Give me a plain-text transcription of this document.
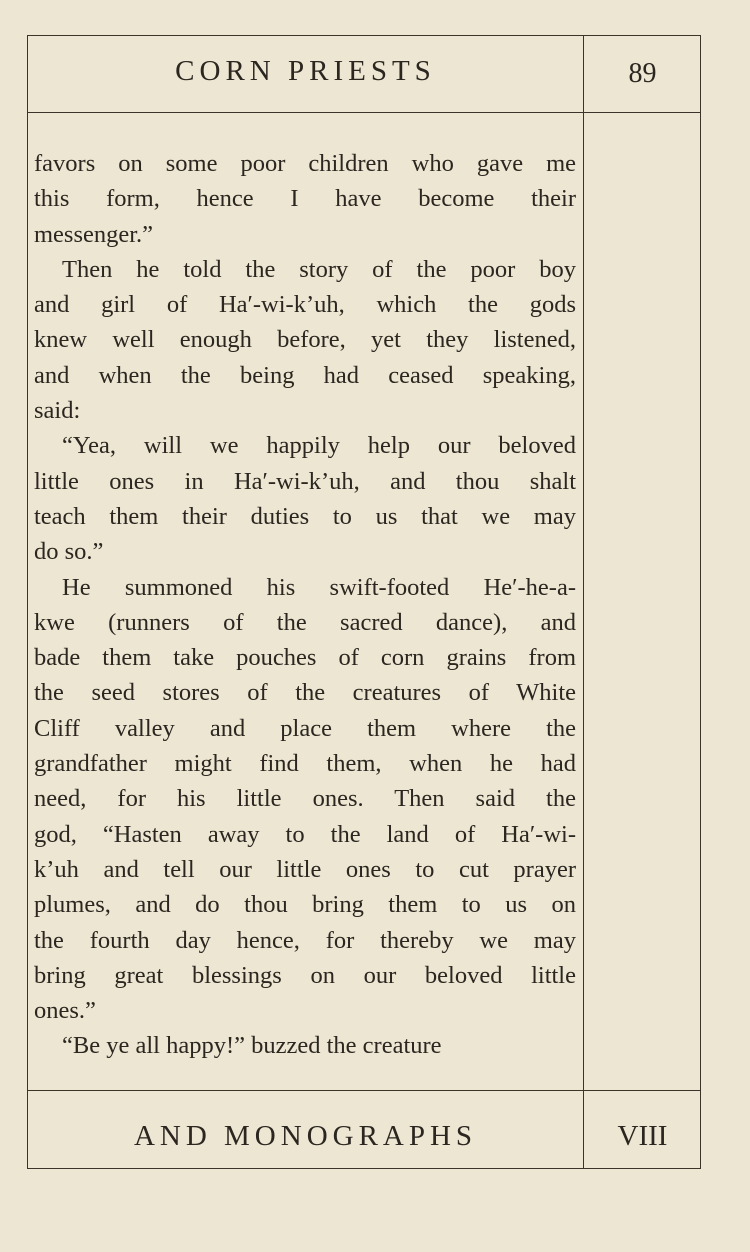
CORN PRIESTS	89
favors on some poor children who gave me
this form, hence I have become their
messenger.”
Then he told the story of the poor boy
and girl of Ha′-wi-k’uh, which the gods
knew well enough before, yet they listened,
and when the being had ceased speaking,
said:
“Yea, will we happily help our beloved
little ones in Ha′-wi-k’uh, and thou shalt
teach them their duties to us that we may
do so.”
He summoned his swift-footed He′-he-a-
kwe (runners of the sacred dance), and
bade them take pouches of corn grains from
the seed stores of the creatures of White
Cliff valley and place them where the
grandfather might find them, when he had
need, for his little ones. Then said the
god, “Hasten away to the land of Ha′-wi-
k’uh and tell our little ones to cut prayer
plumes, and do thou bring them to us on
the fourth day hence, for thereby we may
bring great blessings on our beloved little
ones.”
“Be ye all happy!” buzzed the creature
AND MONOGRAPHS	VIII
